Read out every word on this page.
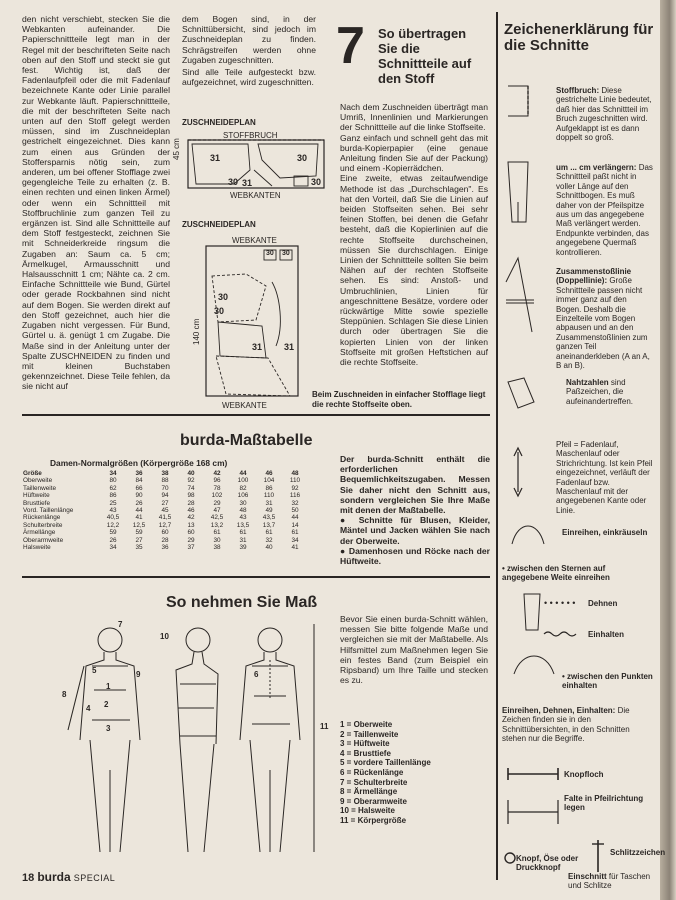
den nicht verschiebt, stecken Sie die Webkanten aufeinander. Die Papierschnittteile legt man in der Regel mit der beschrifteten Seite nach oben auf den Stoff und steckt sie gut fest. Wichtig ist, daß der Fadenlaufpfeil oder die mit Fadenlauf bezeichnete Kante oder Linie parallel zur Webkante läuft. Papierschnittteile, die mit der beschrifteten Seite nach unten auf den Stoff gelegt werden müssen, sind im Zuschneideplan gestrichelt eingezeichnet. Dies kann zum einen aus Gründen der Stoffersparnis nötig sein, zum anderen, um bei offener Stofflage zwei gegengleiche Teile zu erhalten (z. B. einen rechten und einen linken Ärmel) oder wenn ein Schnittteil mit Stoffbruchlinie zum ganzen Teil zu ergänzen ist. Sind alle Schnittteile auf dem Stoff festgesteckt, zeichnen Sie mit Schneiderkreide ringsum die Zugaben an: Saum ca. 5 cm; Ärmelkugel, Armausschnitt und Halsausschnitt 1 cm; Nähte ca. 2 cm. Einfache Schnittteile wie Bund, Gürtel oder gerade Rockbahnen sind nicht auf dem Bogen. Sie werden direkt auf den Stoff gezeichnet, auch hier die Zugaben nicht vergessen. Für Bund, Gürtel u. ä. genügt 1 cm Zugabe. Die Maße sind in der Anleitung unter der Spalte ZUSCHNEIDEN zu finden und mit kleinen Buchstaben gekennzeichnet. Diese Teile fehlen, da sie nicht auf

dem Bogen sind, in der Schnittübersicht, sind jedoch im Zuschneideplan zu finden. Schrägstreifen werden ohne Zugaben zugeschnitten.

Sind alle Teile aufgesteckt bzw. aufgezeichnet, wird zugeschnitten.

ZUSCHNEIDEPLAN
STOFFBRUCH
45 cm	31	30
30 31	30
WEBKANTEN
ZUSCHNEIDEPLAN
WEBKANTE
140 cm
30 30
30
30
31 31
WEBKANTE
Beim Zuschneiden in einfacher Stofflage liegt die rechte Stoffseite oben.
7 So übertragen Sie die Schnittteile auf den Stoff

Nach dem Zuschneiden überträgt man Umriß, Innenlinien und Markierungen der Schnittteile auf die linke Stoffseite.

Ganz einfach und schnell geht das mit burda-Kopierpapier (eine genaue Anleitung finden Sie auf der Packung) und einem -Kopierrädchen.

Eine zweite, etwas zeitaufwendige Methode ist das „Durchschlagen". Es hat den Vorteil, daß Sie die Linien auf beiden Stoffseiten sehen. Bei sehr feinen Stoffen, bei denen die Gefahr besteht, daß die Kopierlinien auf die rechte Stoffseite durchscheinen, müssen Sie durchschlagen. Einige Linien der Schnittteile sollten Sie beim Nähen auf der rechten Stoffseite sehen. Es sind: Anstoß- und Umbruchlinien, Linien für angeschnittene Besätze, vordere oder rückwärtige Mitte sowie spezielle Steppünien. Schlagen Sie diese Linien durch oder übertragen Sie die kopierten Linien von der linken Stoffseite mit großen Heftstichen auf die rechte Stoffseite.

Zeichenerklärung für die Schnitte
Stoffbruch: Diese gestrichelte Linie bedeutet, daß hier das Schnittteil im Bruch zugeschnitten wird. Aufgeklappt ist es dann doppelt so groß.
um ... cm verlängern: Das Schnittteil paßt nicht in voller Länge auf den Schnittbogen. Es muß daher von der Pfeilspitze aus um das angegebene Maß verlängert werden. Endpunkte verbinden, das angegebene Quermaß kontrollieren.
Zusammenstoßlinie (Doppellinie): Große Schnittteile passen nicht immer ganz auf den Bogen. Deshalb die Einzelteile vom Bogen abpausen und an den Zusammenstoßlinien zum ganzen Teil aneinanderkleben (A an A, B an B).
Nahtzahlen sind Paßzeichen, die aufeinandertreffen.
Pfeil = Fadenlauf, Maschenlauf oder Strichrichtung. Ist kein Pfeil eingezeichnet, verläuft der Fadenlauf bzw. Maschenlauf mit der angegebenen Kante oder Linie.
Einreihen, einkräuseln
• zwischen den Sternen auf angegebene Weite einreihen
• • • • • • Dehnen
Einhalten
• zwischen den Punkten einhalten
Einreihen, Dehnen, Einhalten: Die Zeichen finden sie in den Schnittübersichten, in den Schnitten stehen nur die Begriffe.
Knopfloch
Falte in Pfeilrichtung legen
Knopf, Öse oder Druckknopf
Schlitzzeichen
Einschnitt für Taschen und Schlitze
burda-Maßtabelle
Damen-Normalgrößen (Körpergröße 168 cm)
Größe	34	36	38	40	42	44	46	48
Oberweite	80	84	88	92	96	100	104	110
Taillenweite	62	66	70	74	78	82	86	92
Hüftweite	86	90	94	98	102	106	110	116
Brusttiefe	25	26	27	28	29	30	31	32
Vord. Taillenlänge	43	44	45	46	47	48	49	50
Rückenlänge	40,5	41	41,5	42	42,5	43	43,5	44
Schulterbreite	12,2	12,5	12,7	13	13,2	13,5	13,7	14
Ärmellänge	59	59	60	60	61	61	61	61
Oberarmweite	26	27	28	29	30	31	32	34
Halsweite	34	35	36	37	38	39	40	41

Der burda-Schnitt enthält die erforderlichen Bequemlichkeitszugaben. Messen Sie daher nicht den Schnitt aus, sondern vergleichen Sie Ihre Maße mit denen der Maßtabelle.

● Schnitte für Blusen, Kleider, Mäntel und Jacken wählen Sie nach der Oberweite.

● Damenhosen und Röcke nach der Hüftweite.

So nehmen Sie Maß
7
10
5	9
1
2
3
4
6
8
11

Bevor Sie einen burda-Schnitt wählen, messen Sie bitte folgende Maße und vergleichen sie mit der Maßtabelle. Als Hilfsmittel zum Maßnehmen legen Sie ein festes Band (zum Beispiel ein Ripsband) um Ihre Taille und stecken es zu.

1 = Oberweite
2 = Taillenweite
3 = Hüftweite
4 = Brusttiefe
5 = vordere Taillenlänge
6 = Rückenlänge
7 = Schulterbreite
8 = Ärmellänge
9 = Oberarmweite
10 = Halsweite
11 = Körpergröße
18 burda SPECIAL
